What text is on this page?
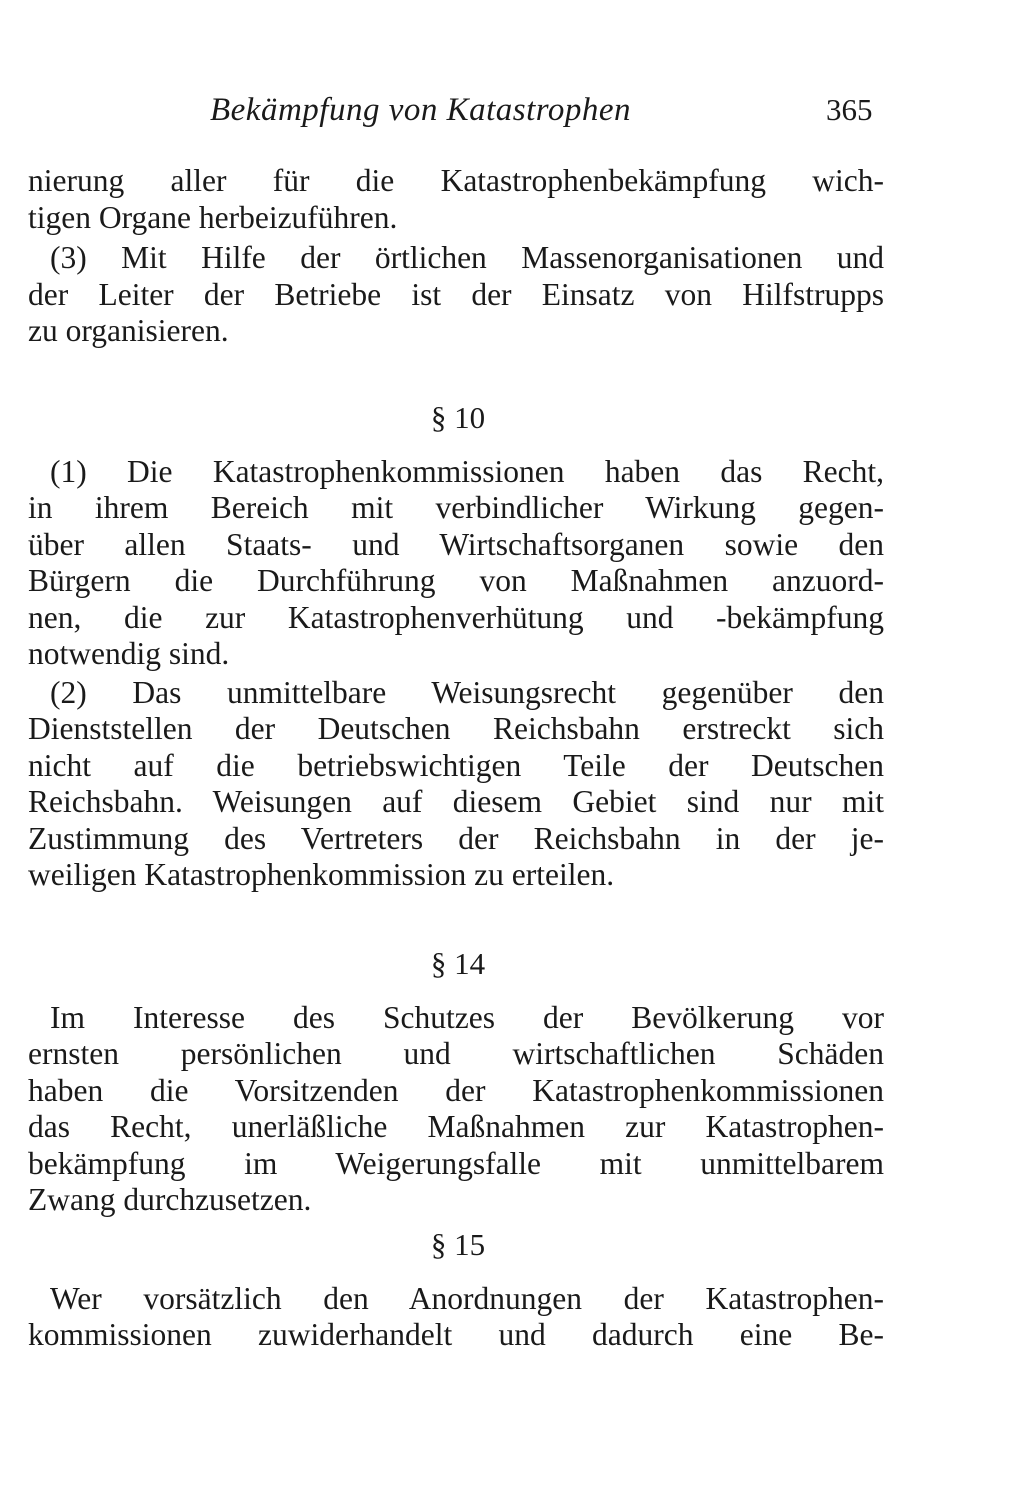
Bekämpfung von Katastrophen	365
nierung aller für die Katastrophenbekämpfung wich-
tigen Organe herbeizuführen.
(3) Mit Hilfe der örtlichen Massenorganisationen und
der Leiter der Betriebe ist der Einsatz von Hilfstrupps
zu organisieren.
§ 10
(1) Die Katastrophenkommissionen haben das Recht,
in ihrem Bereich mit verbindlicher Wirkung gegen-
über allen Staats- und Wirtschaftsorganen sowie den
Bürgern die Durchführung von Maßnahmen anzuord-
nen, die zur Katastrophenverhütung und -bekämpfung
notwendig sind.
(2) Das unmittelbare Weisungsrecht gegenüber den
Dienststellen der Deutschen Reichsbahn erstreckt sich
nicht auf die betriebswichtigen Teile der Deutschen
Reichsbahn. Weisungen auf diesem Gebiet sind nur mit
Zustimmung des Vertreters der Reichsbahn in der je-
weiligen Katastrophenkommission zu erteilen.
§ 14
Im Interesse des Schutzes der Bevölkerung vor
ernsten persönlichen und wirtschaftlichen Schäden
haben die Vorsitzenden der Katastrophenkommissionen
das Recht, unerläßliche Maßnahmen zur Katastrophen-
bekämpfung im Weigerungsfalle mit unmittelbarem
Zwang durchzusetzen.
§ 15
Wer vorsätzlich den Anordnungen der Katastrophen-
kommissionen zuwiderhandelt und dadurch eine Be-
